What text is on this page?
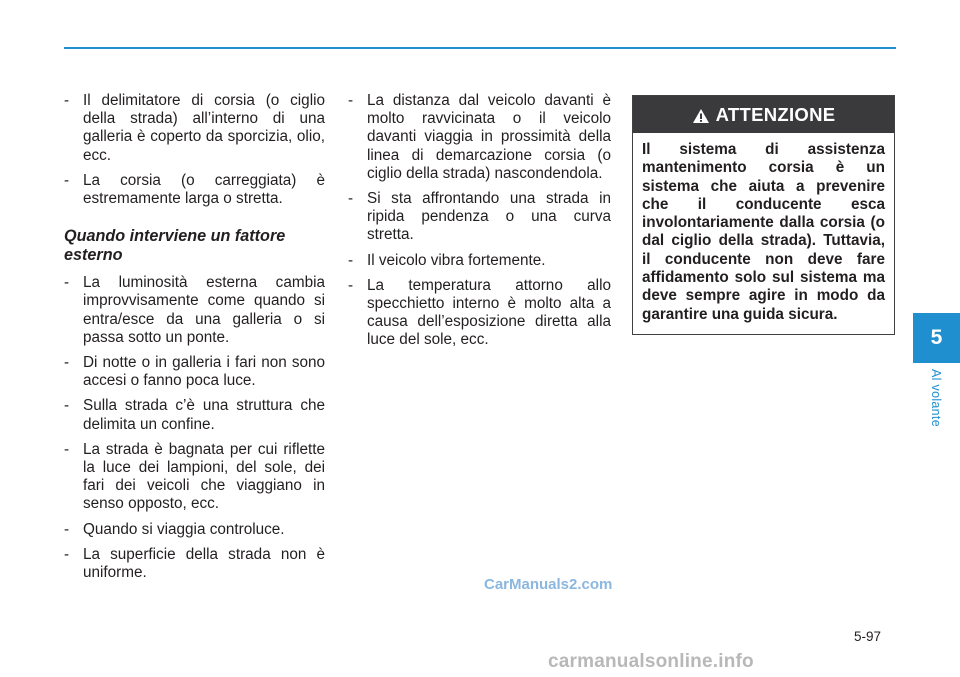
- Il delimitatore di corsia (o ciglio della strada) all’interno di una galleria è coperto da sporcizia, olio, ecc.
- La corsia (o carreggiata) è estremamente larga o stretta.
Quando interviene un fattore esterno
- La luminosità esterna cambia improvvisamente come quando si entra/esce da una galleria o si passa sotto un ponte.
- Di notte o in galleria i fari non sono accesi o fanno poca luce.
- Sulla strada c’è una struttura che delimita un confine.
- La strada è bagnata per cui riflette la luce dei lampioni, del sole, dei fari dei veicoli che viaggiano in senso opposto, ecc.
- Quando si viaggia controluce.
- La superficie della strada non è uniforme.
- La distanza dal veicolo davanti è molto ravvicinata o il veicolo davanti viaggia in prossimità della linea di demarcazione corsia (o ciglio della strada) nascondendola.
- Si sta affrontando una strada in ripida pendenza o una curva stretta.
- Il veicolo vibra fortemente.
- La temperatura attorno allo specchietto interno è molto alta a causa dell’esposizione diretta alla luce del sole, ecc.
ATTENZIONE
Il sistema di assistenza mantenimento corsia è un sistema che aiuta a prevenire che il conducente esca involontariamente dalla corsia (o dal ciglio della strada). Tuttavia, il conducente non deve fare affidamento solo sul sistema ma deve sempre agire in modo da garantire una guida sicura.
5
Al volante
5-97
CarManuals2.com
carmanualsonline.info
